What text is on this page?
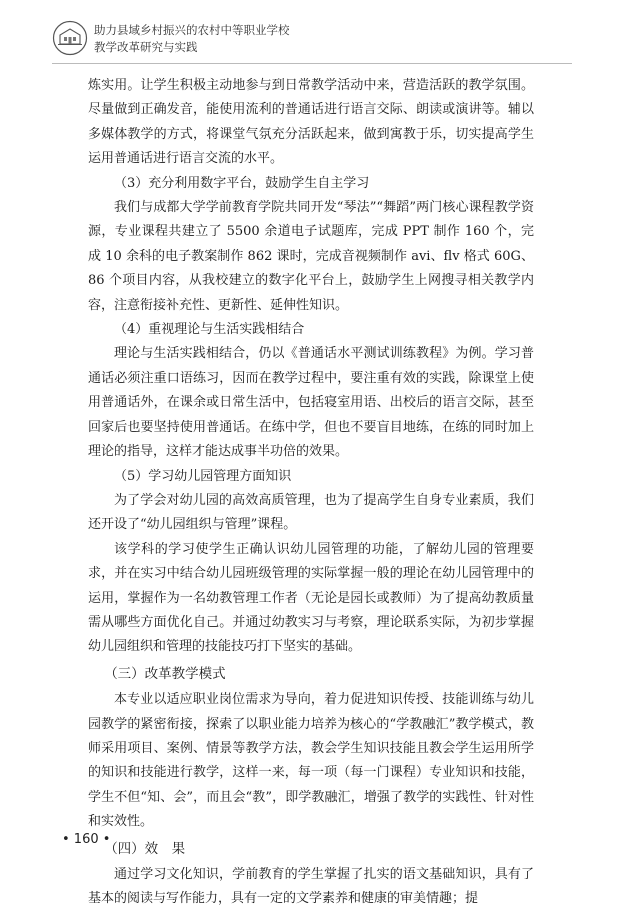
助力县域乡村振兴的农村中等职业学校
教学改革研究与实践

炼实用。让学生积极主动地参与到日常教学活动中来，营造活跃的教学氛围。尽量做到正确发音，能使用流利的普通话进行语言交际、朗读或演讲等。辅以多媒体教学的方式，将课堂气氛充分活跃起来，做到寓教于乐，切实提高学生运用普通话进行语言交流的水平。

（3）充分利用数字平台，鼓励学生自主学习

我们与成都大学学前教育学院共同开发“琴法”“舞蹈”两门核心课程教学资源，专业课程共建立了 5500 余道电子试题库，完成 PPT 制作 160 个，完成 10 余科的电子教案制作 862 课时，完成音视频制作 avi、flv 格式 60G、86 个项目内容，从我校建立的数字化平台上，鼓励学生上网搜寻相关教学内容，注意衔接补充性、更新性、延伸性知识。

（4）重视理论与生活实践相结合

理论与生活实践相结合，仍以《普通话水平测试训练教程》为例。学习普通话必须注重口语练习，因而在教学过程中，要注重有效的实践，除课堂上使用普通话外，在课余或日常生活中，包括寝室用语、出校后的语言交际，甚至回家后也要坚持使用普通话。在练中学，但也不要盲目地练，在练的同时加上理论的指导，这样才能达成事半功倍的效果。

（5）学习幼儿园管理方面知识

为了学会对幼儿园的高效高质管理，也为了提高学生自身专业素质，我们还开设了“幼儿园组织与管理”课程。

该学科的学习使学生正确认识幼儿园管理的功能，了解幼儿园的管理要求，并在实习中结合幼儿园班级管理的实际掌握一般的理论在幼儿园管理中的运用，掌握作为一名幼教管理工作者（无论是园长或教师）为了提高幼教质量需从哪些方面优化自己。并通过幼教实习与考察，理论联系实际，为初步掌握幼儿园组织和管理的技能技巧打下坚实的基础。

（三）改革教学模式

本专业以适应职业岗位需求为导向，着力促进知识传授、技能训练与幼儿园教学的紧密衔接，探索了以职业能力培养为核心的“学教融汇”教学模式，教师采用项目、案例、情景等教学方法，教会学生知识技能且教会学生运用所学的知识和技能进行教学，这样一来，每一项（每一门课程）专业知识和技能，学生不但“知、会”，而且会“教”，即学教融汇，增强了教学的实践性、针对性和实效性。

（四）效　果

通过学习文化知识，学前教育的学生掌握了扎实的语文基础知识，具有了基本的阅读与写作能力，具有一定的文学素养和健康的审美情趣；提

• 160 •
